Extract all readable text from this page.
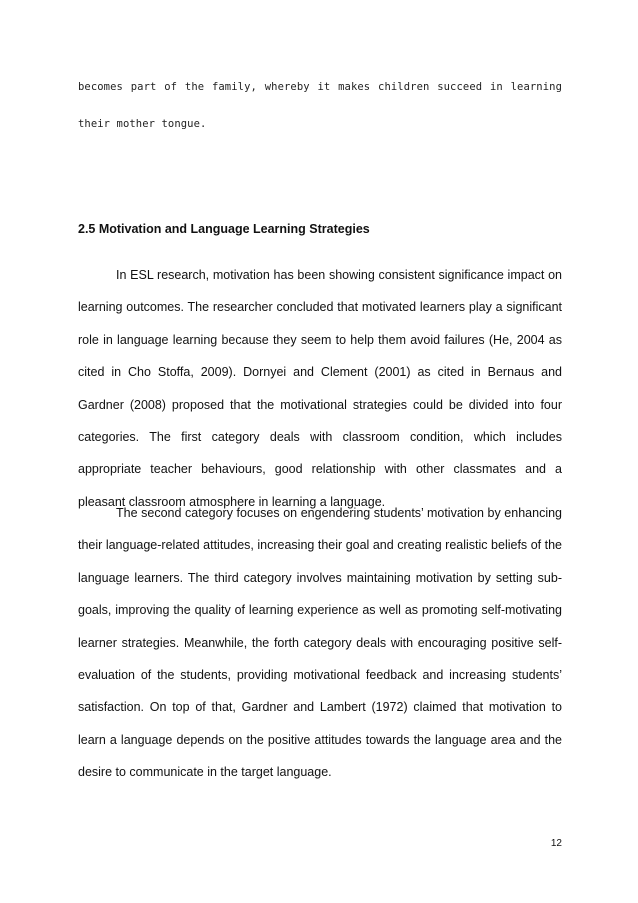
becomes part of the family, whereby it makes children succeed in learning
their mother tongue.
2.5 Motivation and Language Learning Strategies

In ESL research, motivation has been showing consistent significance impact on learning outcomes. The researcher concluded that motivated learners play a significant role in language learning because they seem to help them avoid failures (He, 2004 as cited in Cho Stoffa, 2009). Dornyei and Clement (2001) as cited in Bernaus and Gardner (2008) proposed that the motivational strategies could be divided into four categories. The first category deals with classroom condition, which includes appropriate teacher behaviours, good relationship with other classmates and a pleasant classroom atmosphere in learning a language.

The second category focuses on engendering students’ motivation by enhancing their language-related attitudes, increasing their goal and creating realistic beliefs of the language learners. The third category involves maintaining motivation by setting sub-goals, improving the quality of learning experience as well as promoting self-motivating learner strategies. Meanwhile, the forth category deals with encouraging positive self-evaluation of the students, providing motivational feedback and increasing students’ satisfaction. On top of that, Gardner and Lambert (1972) claimed that motivation to learn a language depends on the positive attitudes towards the language area and the desire to communicate in the target language.

12
